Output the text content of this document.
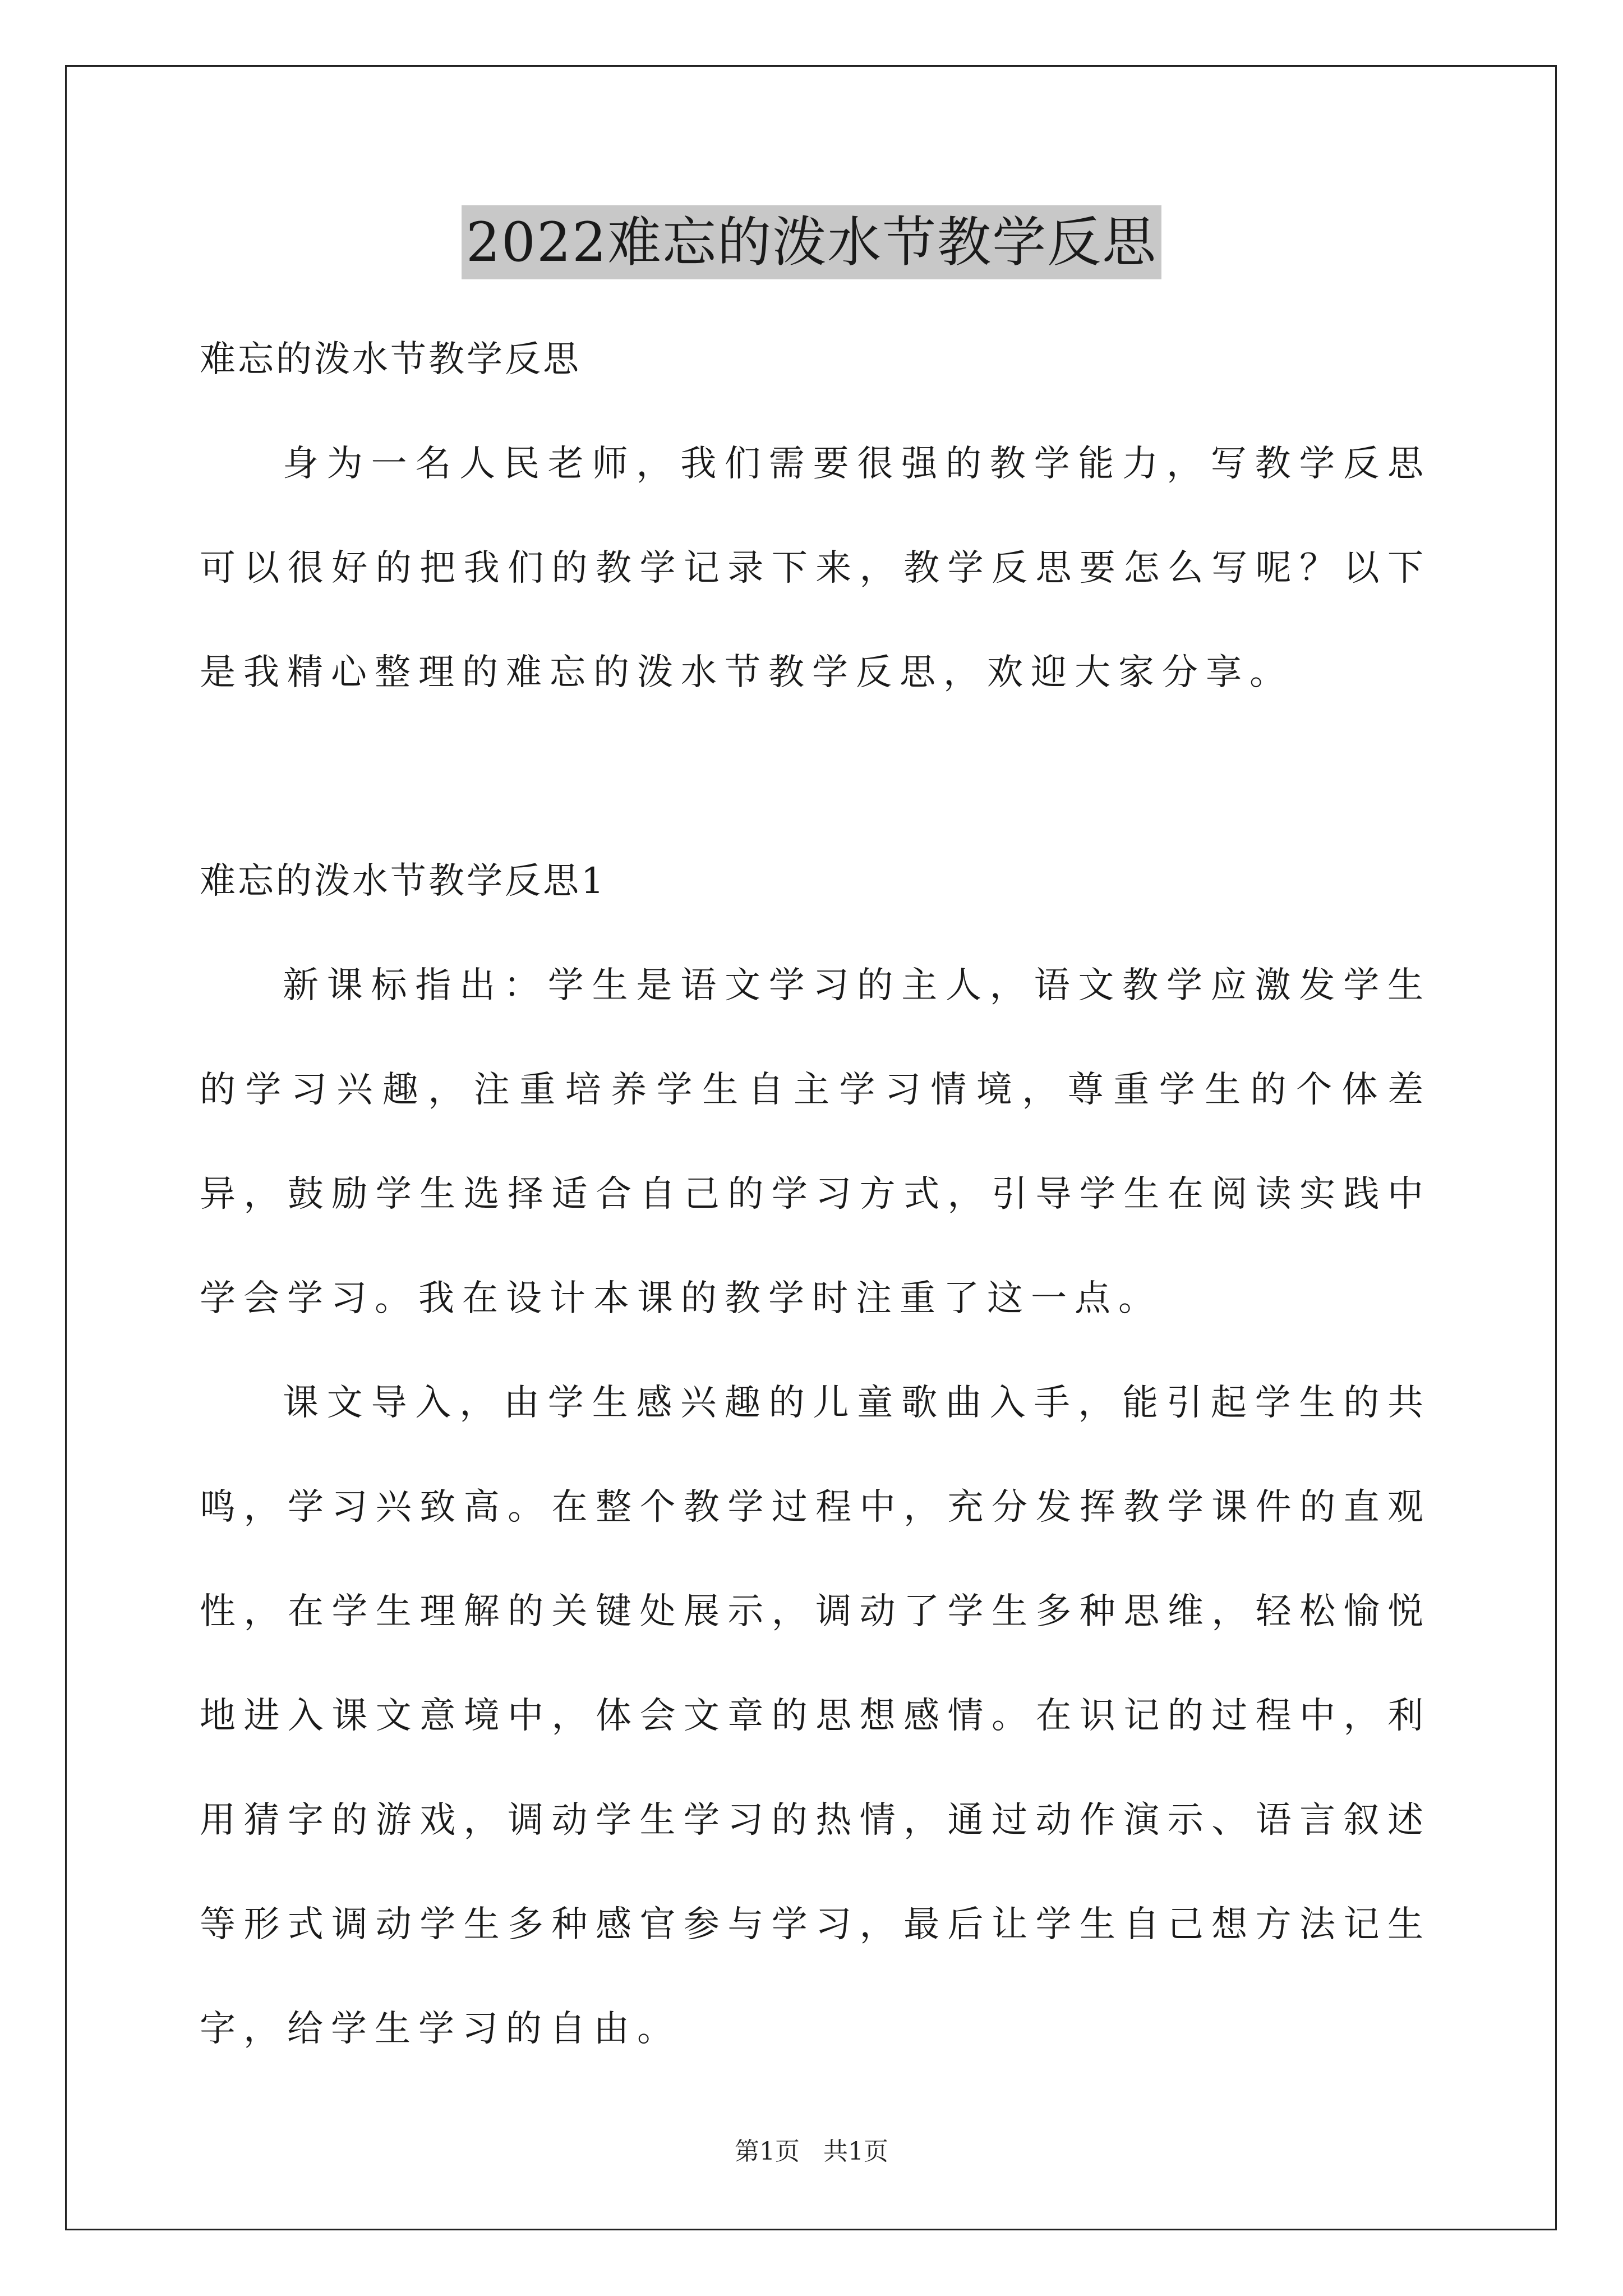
2022难忘的泼水节教学反思

难忘的泼水节教学反思

身为一名人民老师，我们需要很强的教学能力，写教学反思可以很好的把我们的教学记录下来，教学反思要怎么写呢？以下是我精心整理的难忘的泼水节教学反思，欢迎大家分享。

难忘的泼水节教学反思1

新课标指出：学生是语文学习的主人，语文教学应激发学生的学习兴趣，注重培养学生自主学习情境，尊重学生的个体差异，鼓励学生选择适合自己的学习方式，引导学生在阅读实践中学会学习。我在设计本课的教学时注重了这一点。

课文导入，由学生感兴趣的儿童歌曲入手，能引起学生的共鸣，学习兴致高。在整个教学过程中，充分发挥教学课件的直观性，在学生理解的关键处展示，调动了学生多种思维，轻松愉悦地进入课文意境中，体会文章的思想感情。在识记的过程中，利用猜字的游戏，调动学生学习的热情，通过动作演示、语言叙述等形式调动学生多种感官参与学习，最后让学生自己想方法记生字，给学生学习的自由。

第1页 共1页
